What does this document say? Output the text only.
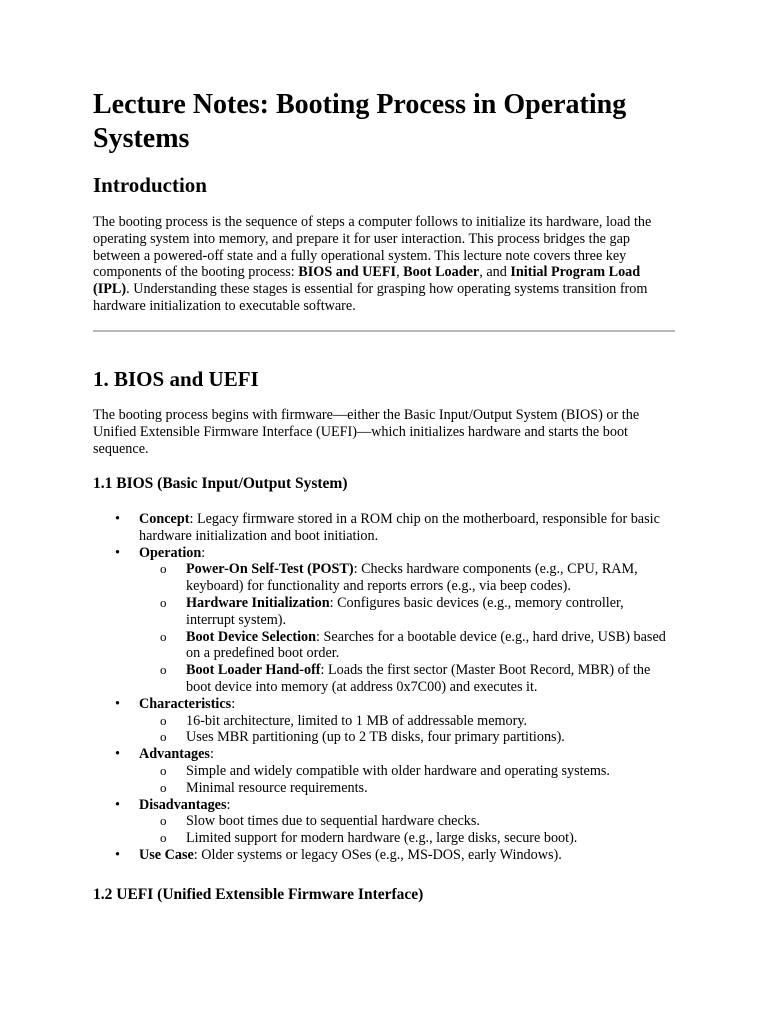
Lecture Notes: Booting Process in Operating Systems
Introduction

The booting process is the sequence of steps a computer follows to initialize its hardware, load the operating system into memory, and prepare it for user interaction. This process bridges the gap between a powered-off state and a fully operational system. This lecture note covers three key components of the booting process: BIOS and UEFI, Boot Loader, and Initial Program Load (IPL). Understanding these stages is essential for grasping how operating systems transition from hardware initialization to executable software.

1. BIOS and UEFI

The booting process begins with firmware—either the Basic Input/Output System (BIOS) or the Unified Extensible Firmware Interface (UEFI)—which initializes hardware and starts the boot sequence.

1.1 BIOS (Basic Input/Output System)
• Concept: Legacy firmware stored in a ROM chip on the motherboard, responsible for basic hardware initialization and boot initiation.
• Operation:
o Power-On Self-Test (POST): Checks hardware components (e.g., CPU, RAM, keyboard) for functionality and reports errors (e.g., via beep codes).
o Hardware Initialization: Configures basic devices (e.g., memory controller, interrupt system).
o Boot Device Selection: Searches for a bootable device (e.g., hard drive, USB) based on a predefined boot order.
o Boot Loader Hand-off: Loads the first sector (Master Boot Record, MBR) of the boot device into memory (at address 0x7C00) and executes it.
• Characteristics:
o 16-bit architecture, limited to 1 MB of addressable memory.
o Uses MBR partitioning (up to 2 TB disks, four primary partitions).
• Advantages:
o Simple and widely compatible with older hardware and operating systems.
o Minimal resource requirements.
• Disadvantages:
o Slow boot times due to sequential hardware checks.
o Limited support for modern hardware (e.g., large disks, secure boot).
• Use Case: Older systems or legacy OSes (e.g., MS-DOS, early Windows).
1.2 UEFI (Unified Extensible Firmware Interface)
